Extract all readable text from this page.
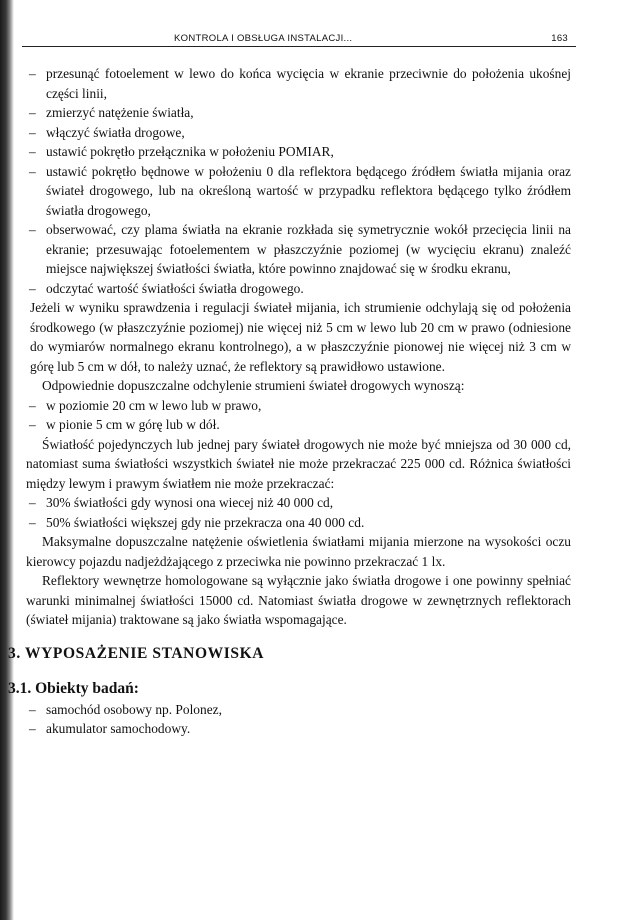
KONTROLA I OBSŁUGA INSTALACJI...	163
– przesunąć fotoelement w lewo do końca wycięcia w ekranie przeciwnie do położenia ukośnej części linii,
– zmierzyć natężenie światła,
– włączyć światła drogowe,
– ustawić pokrętło przełącznika w położeniu POMIAR,
– ustawić pokrętło będnowe w położeniu 0 dla reflektora będącego źródłem światła mijania oraz świateł drogowego, lub na określoną wartość w przypadku reflektora będącego tylko źródłem światła drogowego,
– obserwować, czy plama światła na ekranie rozkłada się symetrycznie wokół przecięcia linii na ekranie; przesuwając fotoelementem w płaszczyźnie poziomej (w wycięciu ekranu) znaleźć miejsce największej światłości światła, które powinno znajdować się w środku ekranu,
– odczytać wartość światłości światła drogowego.

Jeżeli w wyniku sprawdzenia i regulacji świateł mijania, ich strumienie odchylają się od położenia środkowego (w płaszczyźnie poziomej) nie więcej niż 5 cm w lewo lub 20 cm w prawo (odniesione do wymiarów normalnego ekranu kontrolnego), a w płaszczyźnie pionowej nie więcej niż 3 cm w górę lub 5 cm w dół, to należy uznać, że reflektory są prawidłowo ustawione.

Odpowiednie dopuszczalne odchylenie strumieni świateł drogowych wynoszą:

– w poziomie 20 cm w lewo lub w prawo,
– w pionie 5 cm w górę lub w dół.

Światłość pojedynczych lub jednej pary świateł drogowych nie może być mniejsza od 30 000 cd, natomiast suma światłości wszystkich świateł nie może przekraczać 225 000 cd. Różnica światłości między lewym i prawym światłem nie może przekraczać:

– 30% światłości gdy wynosi ona wiecej niż 40 000 cd,
– 50% światłości większej gdy nie przekracza ona 40 000 cd.

Maksymalne dopuszczalne natężenie oświetlenia światłami mijania mierzone na wysokości oczu kierowcy pojazdu nadjeżdżającego z przeciwka nie powinno przekraczać 1 lx.

Reflektory wewnętrze homologowane są wyłącznie jako światła drogowe i one powinny spełniać warunki minimalnej światłości 15000 cd. Natomiast światła drogowe w zewnętrznych reflektorach (świateł mijania) traktowane są jako światła wspomagające.

3. WYPOSAŻENIE STANOWISKA
3.1. Obiekty badań:
– samochód osobowy np. Polonez,
– akumulator samochodowy.
